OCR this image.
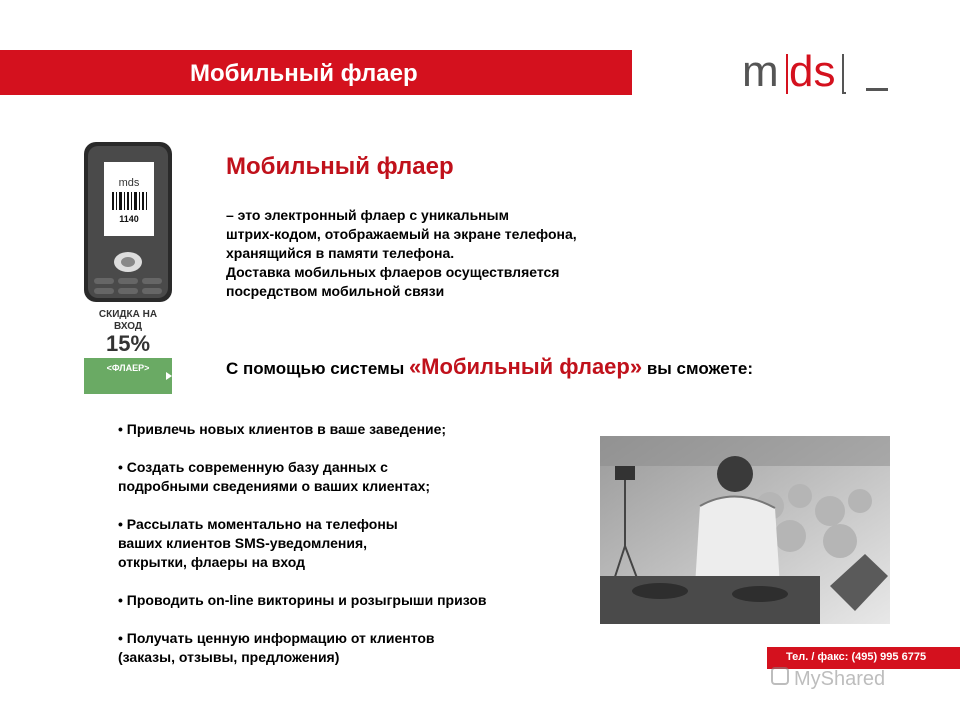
Мобильный флаер	m ds
mds
1140
СКИДКА НА
ВХОД
15%
<ФЛАЕР>
Мобильный флаер
– это электронный флаер с уникальным
штрих-кодом, отображаемый на экране телефона,
хранящийся в памяти телефона.
Доставка мобильных флаеров осуществляется
посредством мобильной связи
С помощью системы «Мобильный флаер» вы сможете:
• Привлечь новых клиентов в ваше заведение;
• Создать современную базу данных с
подробными сведениями о ваших клиентах;
• Рассылать моментально на телефоны
ваших клиентов SMS-уведомления,
открытки, флаеры на вход
• Проводить on-line викторины и розыгрыши призов
• Получать ценную информацию от клиентов
(заказы, отзывы, предложения)	Тел. / факс: (495) 995 6775
MyShared
